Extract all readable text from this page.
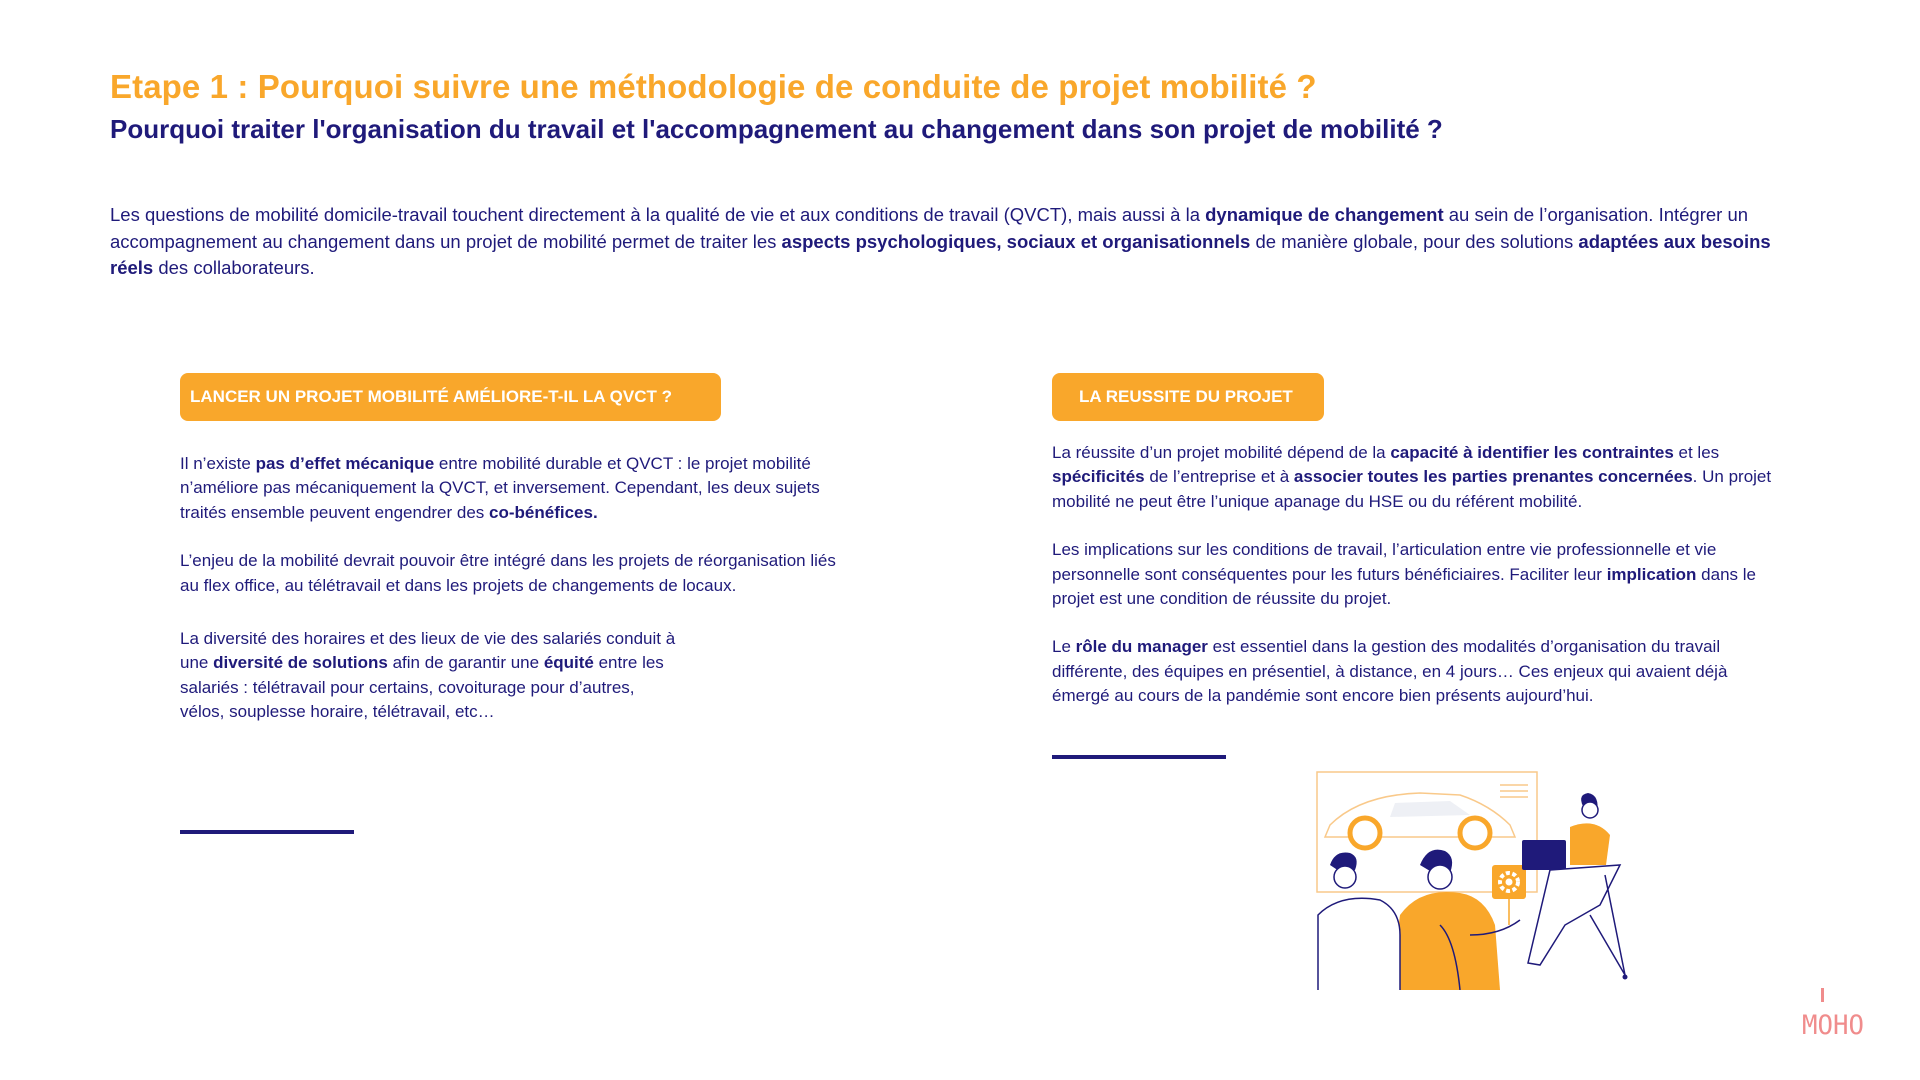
Etape 1 : Pourquoi suivre une méthodologie de conduite de projet mobilité ?
Pourquoi traiter l'organisation du travail et l'accompagnement au changement dans son projet de mobilité ?

Les questions de mobilité domicile-travail touchent directement à la qualité de vie et aux conditions de travail (QVCT), mais aussi à la dynamique de changement au sein de l’organisation. Intégrer un accompagnement au changement dans un projet de mobilité permet de traiter les aspects psychologiques, sociaux et organisationnels de manière globale, pour des solutions adaptées aux besoins réels des collaborateurs.

LANCER UN PROJET MOBILITÉ AMÉLIORE-T-IL LA QVCT ?

Il n’existe pas d’effet mécanique entre mobilité durable et QVCT : le projet mobilité n’améliore pas mécaniquement la QVCT, et inversement. Cependant, les deux sujets traités ensemble peuvent engendrer des co-bénéfices.

L’enjeu de la mobilité devrait pouvoir être intégré dans les projets de réorganisation liés au flex office, au télétravail et dans les projets de changements de locaux.

La diversité des horaires et des lieux de vie des salariés conduit à une diversité de solutions afin de garantir une équité entre les salariés : télétravail pour certains, covoiturage pour d’autres, vélos, souplesse horaire, télétravail, etc…

LA REUSSITE DU PROJET

La réussite d’un projet mobilité dépend de la capacité à identifier les contraintes et les spécificités de l’entreprise et à associer toutes les parties prenantes concernées. Un projet mobilité ne peut être l’unique apanage du HSE ou du référent mobilité.

Les implications sur les conditions de travail, l’articulation entre vie professionnelle et vie personnelle sont conséquentes pour les futurs bénéficiaires. Faciliter leur implication dans le projet est une condition de réussite du projet.

Le rôle du manager est essentiel dans la gestion des modalités d’organisation du travail différente, des équipes en présentiel, à distance, en 4 jours… Ces enjeux qui avaient déjà émergé au cours de la pandémie sont encore bien présents aujourd’hui.

MOHO
